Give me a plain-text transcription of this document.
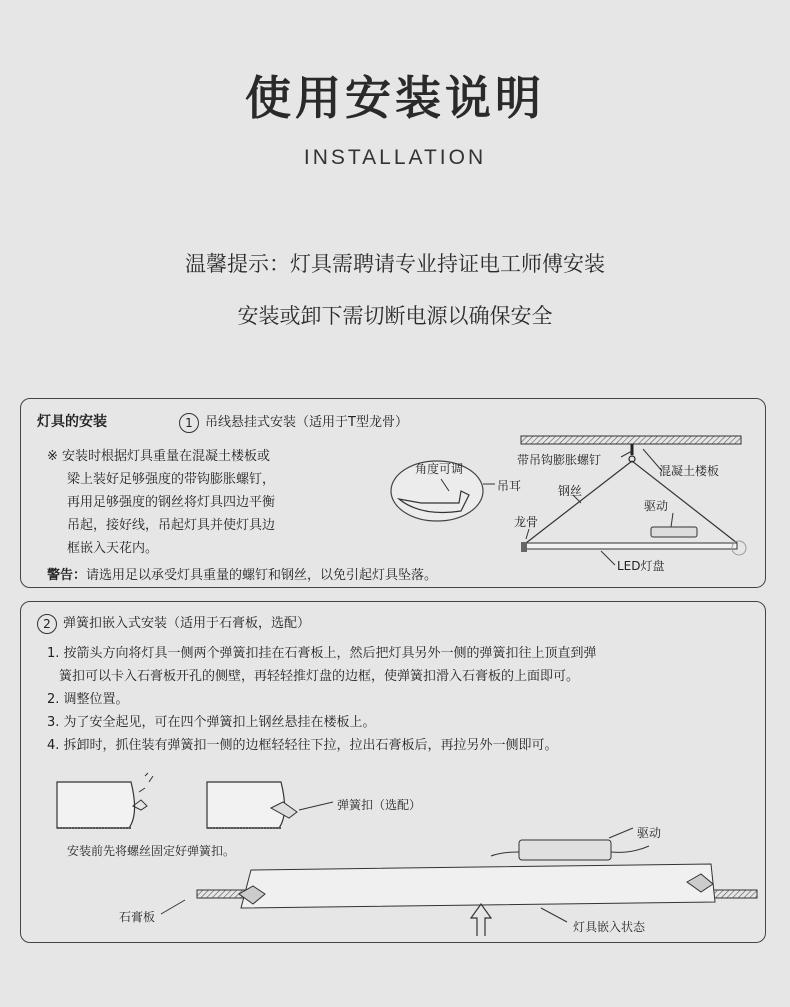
使用安装说明
INSTALLATION
温馨提示：灯具需聘请专业持证电工师傅安装
安装或卸下需切断电源以确保安全
灯具的安装	1 吊线悬挂式安装（适用于T型龙骨）
※ 安装时根据灯具重量在混凝土楼板或
梁上装好足够强度的带钩膨胀螺钉，
再用足够强度的钢丝将灯具四边平衡
吊起，接好线，吊起灯具并使灯具边
框嵌入天花内。
警告：请选用足以承受灯具重量的螺钉和钢丝，以免引起灯具坠落。
角度可调
吊耳
带吊钩膨胀螺钉
混凝土楼板
钢丝
驱动
龙骨
LED灯盘
2 弹簧扣嵌入式安装（适用于石膏板，选配）
1. 按箭头方向将灯具一侧两个弹簧扣挂在石膏板上，然后把灯具另外一侧的弹簧扣往上顶直到弹
簧扣可以卡入石膏板开孔的侧壁，再轻轻推灯盘的边框，使弹簧扣滑入石膏板的上面即可。
2. 调整位置。
3. 为了安全起见，可在四个弹簧扣上钢丝悬挂在楼板上。
4. 拆卸时，抓住装有弹簧扣一侧的边框轻轻往下拉，拉出石膏板后，再拉另外一侧即可。
弹簧扣（选配）
安装前先将螺丝固定好弹簧扣。
驱动
石膏板
灯具嵌入状态
